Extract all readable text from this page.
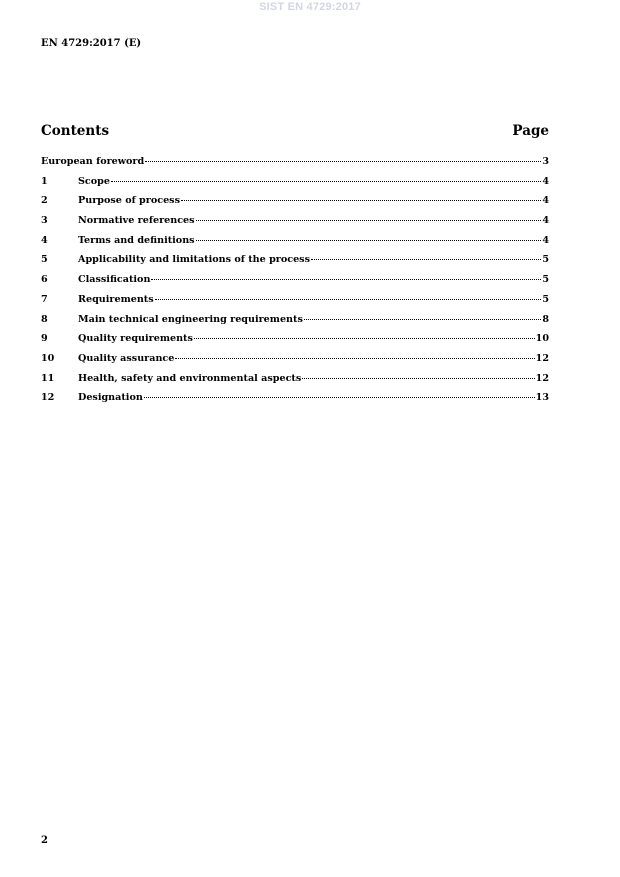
SIST EN 4729:2017
EN 4729:2017 (E)
Contents	Page
European foreword	3
1	Scope	4
2	Purpose of process	4
3	Normative references	4
4	Terms and definitions	4
5	Applicability and limitations of the process	5
6	Classification	5
7	Requirements	5
8	Main technical engineering requirements	8
9	Quality requirements	10
10	Quality assurance	12
11	Health, safety and environmental aspects	12
12	Designation	13
2
